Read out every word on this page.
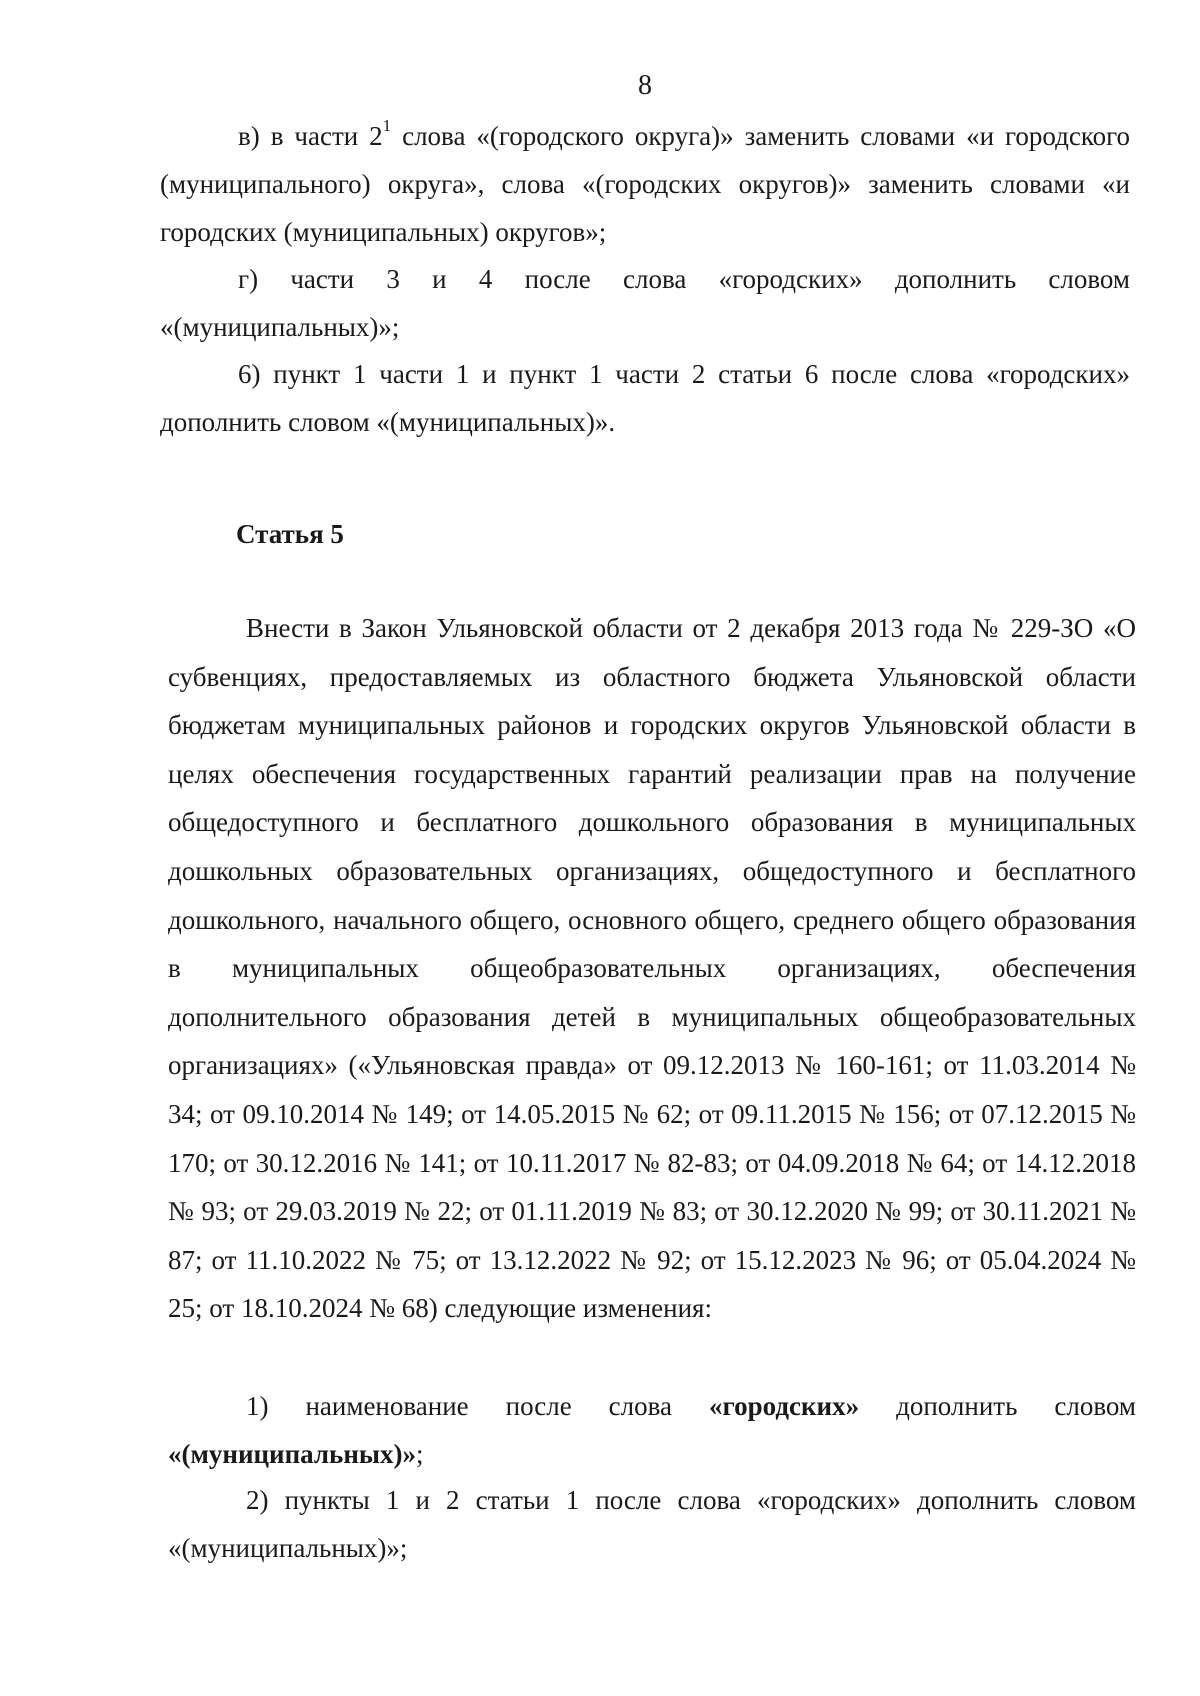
8

в) в части $2^1$ слова «(городского округа)» заменить словами «и городского (муниципального) округа», слова «(городских округов)» заменить словами «и городских (муниципальных) округов»;

г) части 3 и 4 после слова «городских» дополнить словом «(муниципальных)»;

6) пункт 1 части 1 и пункт 1 части 2 статьи 6 после слова «городских» дополнить словом «(муниципальных)».

Статья 5

Внести в Закон Ульяновской области от 2 декабря 2013 года № 229-ЗО «О субвенциях, предоставляемых из областного бюджета Ульяновской области бюджетам муниципальных районов и городских округов Ульяновской области в целях обеспечения государственных гарантий реализации прав на получение общедоступного и бесплатного дошкольного образования в муниципальных дошкольных образовательных организациях, общедоступного и бесплатного дошкольного, начального общего, основного общего, среднего общего образования в муниципальных общеобразовательных организациях, обеспечения дополнительного образования детей в муниципальных общеобразовательных организациях» («Ульяновская правда» от 09.12.2013 № 160-161; от 11.03.2014 № 34; от 09.10.2014 № 149; от 14.05.2015 № 62; от 09.11.2015 № 156; от 07.12.2015 № 170; от 30.12.2016 № 141; от 10.11.2017 № 82-83; от 04.09.2018 № 64; от 14.12.2018 № 93; от 29.03.2019 № 22; от 01.11.2019 № 83; от 30.12.2020 № 99; от 30.11.2021 № 87; от 11.10.2022 № 75; от 13.12.2022 № 92; от 15.12.2023 № 96; от 05.04.2024 № 25; от 18.10.2024 № 68) следующие изменения:

1) наименование после слова «городских» дополнить словом «(муниципальных)»;

2) пункты 1 и 2 статьи 1 после слова «городских» дополнить словом «(муниципальных)»;
